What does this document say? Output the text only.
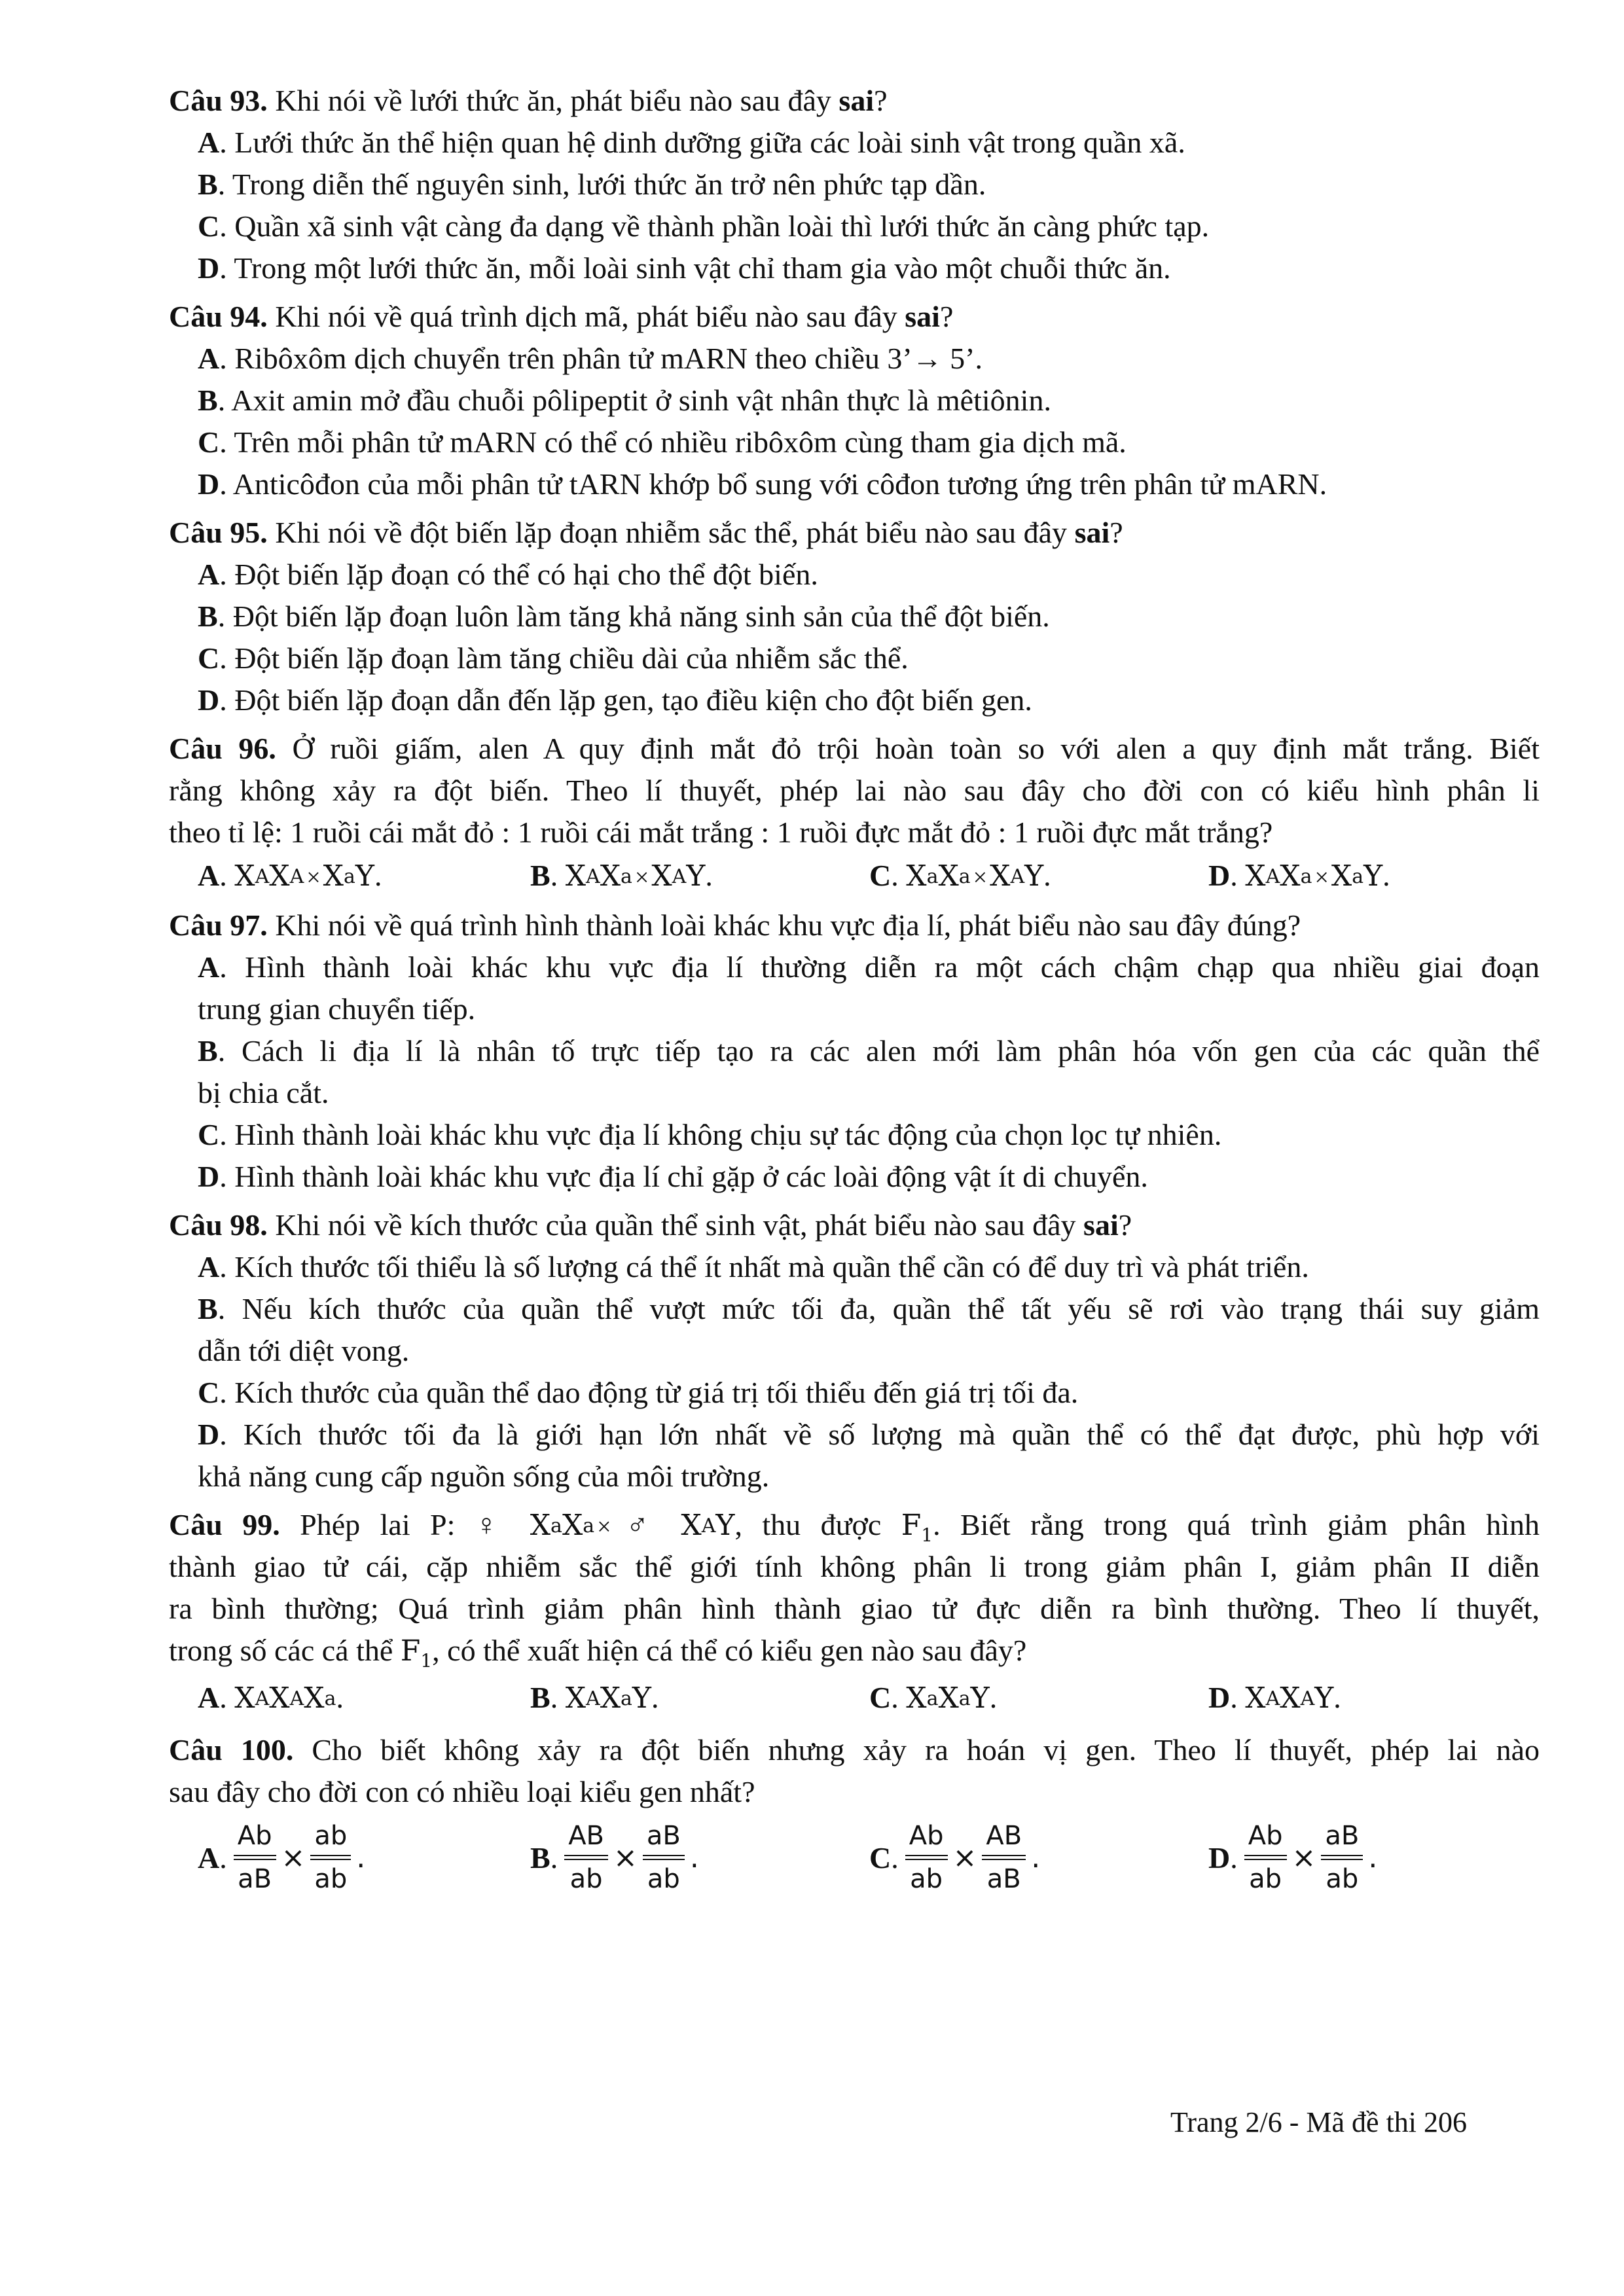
Câu 93. Khi nói về lưới thức ăn, phát biểu nào sau đây sai?
A. Lưới thức ăn thể hiện quan hệ dinh dưỡng giữa các loài sinh vật trong quần xã.
B. Trong diễn thế nguyên sinh, lưới thức ăn trở nên phức tạp dần.
C. Quần xã sinh vật càng đa dạng về thành phần loài thì lưới thức ăn càng phức tạp.
D. Trong một lưới thức ăn, mỗi loài sinh vật chỉ tham gia vào một chuỗi thức ăn.
Câu 94. Khi nói về quá trình dịch mã, phát biểu nào sau đây sai?
A. Ribôxôm dịch chuyển trên phân tử mARN theo chiều 3’→ 5’.
B. Axit amin mở đầu chuỗi pôlipeptit ở sinh vật nhân thực là mêtiônin.
C. Trên mỗi phân tử mARN có thể có nhiều ribôxôm cùng tham gia dịch mã.
D. Anticôđon của mỗi phân tử tARN khớp bổ sung với côđon tương ứng trên phân tử mARN.
Câu 95. Khi nói về đột biến lặp đoạn nhiễm sắc thể, phát biểu nào sau đây sai?
A. Đột biến lặp đoạn có thể có hại cho thể đột biến.
B. Đột biến lặp đoạn luôn làm tăng khả năng sinh sản của thể đột biến.
C. Đột biến lặp đoạn làm tăng chiều dài của nhiễm sắc thể.
D. Đột biến lặp đoạn dẫn đến lặp gen, tạo điều kiện cho đột biến gen.
Câu 96. Ở ruồi giấm, alen A quy định mắt đỏ trội hoàn toàn so với alen a quy định mắt trắng. Biết
rằng không xảy ra đột biến. Theo lí thuyết, phép lai nào sau đây cho đời con có kiểu hình phân li
theo tỉ lệ: 1 ruồi cái mắt đỏ : 1 ruồi cái mắt trắng : 1 ruồi đực mắt đỏ : 1 ruồi đực mắt trắng?
A. $X^AX^A \times X^aY$.	B. $X^AX^a \times X^AY$.	C. $X^aX^a \times X^AY$.	D. $X^AX^a \times X^aY$.
Câu 97. Khi nói về quá trình hình thành loài khác khu vực địa lí, phát biểu nào sau đây đúng?
A. Hình thành loài khác khu vực địa lí thường diễn ra một cách chậm chạp qua nhiều giai đoạn
trung gian chuyển tiếp.
B. Cách li địa lí là nhân tố trực tiếp tạo ra các alen mới làm phân hóa vốn gen của các quần thể
bị chia cắt.
C. Hình thành loài khác khu vực địa lí không chịu sự tác động của chọn lọc tự nhiên.
D. Hình thành loài khác khu vực địa lí chỉ gặp ở các loài động vật ít di chuyển.
Câu 98. Khi nói về kích thước của quần thể sinh vật, phát biểu nào sau đây sai?
A. Kích thước tối thiểu là số lượng cá thể ít nhất mà quần thể cần có để duy trì và phát triển.
B. Nếu kích thước của quần thể vượt mức tối đa, quần thể tất yếu sẽ rơi vào trạng thái suy giảm
dẫn tới diệt vong.
C. Kích thước của quần thể dao động từ giá trị tối thiểu đến giá trị tối đa.
D. Kích thước tối đa là giới hạn lớn nhất về số lượng mà quần thể có thể đạt được, phù hợp với
khả năng cung cấp nguồn sống của môi trường.
Câu 99. Phép lai P: ♀ $X^aX^a$ ×♂ $X^AY$, thu được $F_1$. Biết rằng trong quá trình giảm phân hình
thành giao tử cái, cặp nhiễm sắc thể giới tính không phân li trong giảm phân I, giảm phân II diễn
ra bình thường; Quá trình giảm phân hình thành giao tử đực diễn ra bình thường. Theo lí thuyết,
trong số các cá thể $F_1$, có thể xuất hiện cá thể có kiểu gen nào sau đây?
A. $X^AX^AX^a$.	B. $X^AX^aY$.	C. $X^aX^aY$.	D. $X^AX^AY$.
Câu 100. Cho biết không xảy ra đột biến nhưng xảy ra hoán vị gen. Theo lí thuyết, phép lai nào
sau đây cho đời con có nhiều loại kiểu gen nhất?
A.
Ab
aB
×
ab
ab
.	B.
AB
ab
×
aB
ab
.	C.
Ab
ab
×
AB
aB
.	D.
Ab
ab
×
aB
ab
.
Trang 2/6 - Mã đề thi 206
